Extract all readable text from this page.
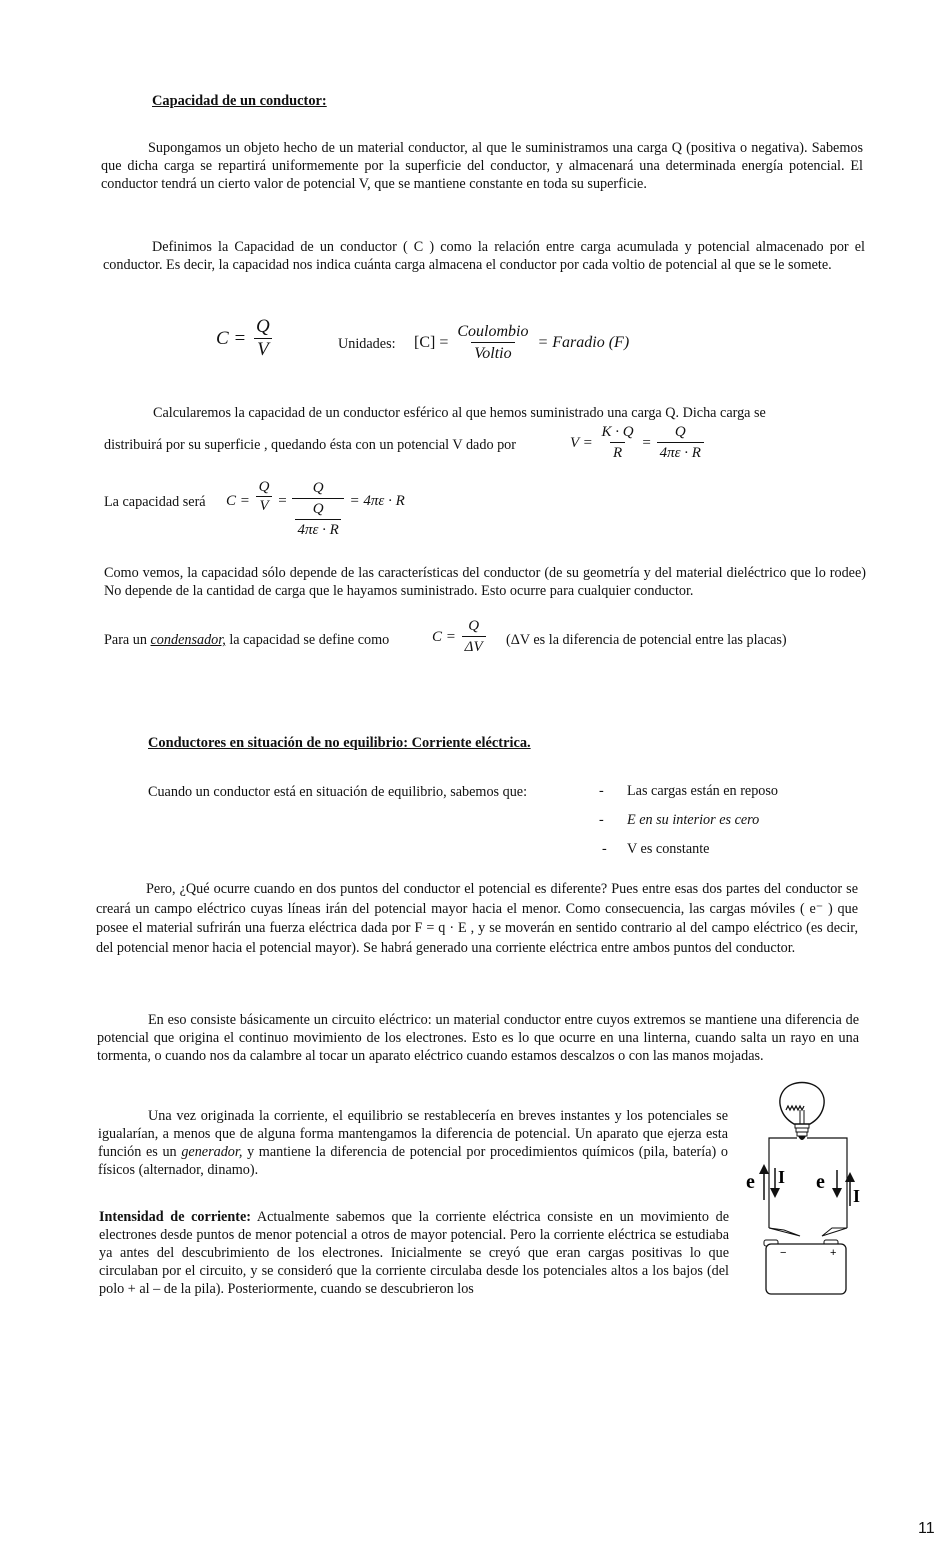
Capacidad de un conductor:
Supongamos un objeto hecho de un material conductor, al que le suministramos una carga Q (positiva o negativa). Sabemos que dicha carga se repartirá uniformemente por la superficie del conductor, y almacenará una determinada energía potencial. El conductor tendrá un cierto valor de potencial V, que se mantiene constante en toda su superficie.
Definimos la Capacidad de un conductor ( C ) como la relación entre carga acumulada y potencial almacenado por el conductor. Es decir, la capacidad nos indica cuánta carga almacena el conductor por cada voltio de potencial al que se le somete.
$C = \frac{Q}{V}$	Unidades: $[C] = \frac{\text{Coulombio}}{\text{Voltio}}$ = Faradio (F)
Calcularemos la capacidad de un conductor esférico al que hemos suministrado una carga Q. Dicha carga se
distribuirá por su superficie , quedando ésta con un potencial V dado por	$V = \frac{K \cdot Q}{R} = \frac{Q}{4\pi\varepsilon \cdot R}$
La capacidad será $C = \frac{Q}{V} = Q$
Q
4πε · R = 4πε · R
Como vemos, la capacidad sólo depende de las características del conductor (de su geometría y del material dieléctrico que lo rodee) No depende de la cantidad de carga que le hayamos suministrado. Esto ocurre para cualquier conductor.
Para un condensador, la capacidad se define como	$C = \frac{Q}{\Delta V} (\Delta V$ es la diferencia de potencial entre las placas)
Conductores en situación de no equilibrio: Corriente eléctrica.
Cuando un conductor está en situación de equilibrio, sabemos que:	- Las cargas están en reposo
- E en su interior es cero
- V es constante
Pero, ¿Qué ocurre cuando en dos puntos del conductor el potencial es diferente? Pues entre esas dos partes del conductor se creará un campo eléctrico cuyas líneas irán del potencial mayor hacia el menor. Como consecuencia, las cargas móviles ( e⁻ ) que posee el material sufrirán una fuerza eléctrica dada por F = q · E , y se moverán en sentido contrario al del campo eléctrico (es decir, del potencial menor hacia el potencial mayor). Se habrá generado una corriente eléctrica entre ambos puntos del conductor.
En eso consiste básicamente un circuito eléctrico: un material conductor entre cuyos extremos se mantiene una diferencia de potencial que origina el continuo movimiento de los electrones. Esto es lo que ocurre en una linterna, cuando salta un rayo en una tormenta, o cuando nos da calambre al tocar un aparato eléctrico cuando estamos descalzos o con las manos mojadas.
Una vez originada la corriente, el equilibrio se restablecería en breves instantes y los potenciales se igualarían, a menos que de alguna forma mantengamos la diferencia de potencial. Un aparato que ejerza esta función es un generador, y mantiene la diferencia de potencial por procedimientos químicos (pila, batería) o físicos (alternador, dinamo).
Intensidad de corriente: Actualmente sabemos que la corriente eléctrica consiste en un movimiento de electrones desde puntos de menor potencial a otros de mayor potencial. Pero la corriente eléctrica se estudiaba ya antes del descubrimiento de los electrones. Inicialmente se creyó que eran cargas positivas lo que circulaban por el circuito, y se consideró que la corriente circulaba desde los potenciales altos a los bajos (del polo + al – de la pila). Posteriormente, cuando se descubrieron los
−	+
e I e
I
11
